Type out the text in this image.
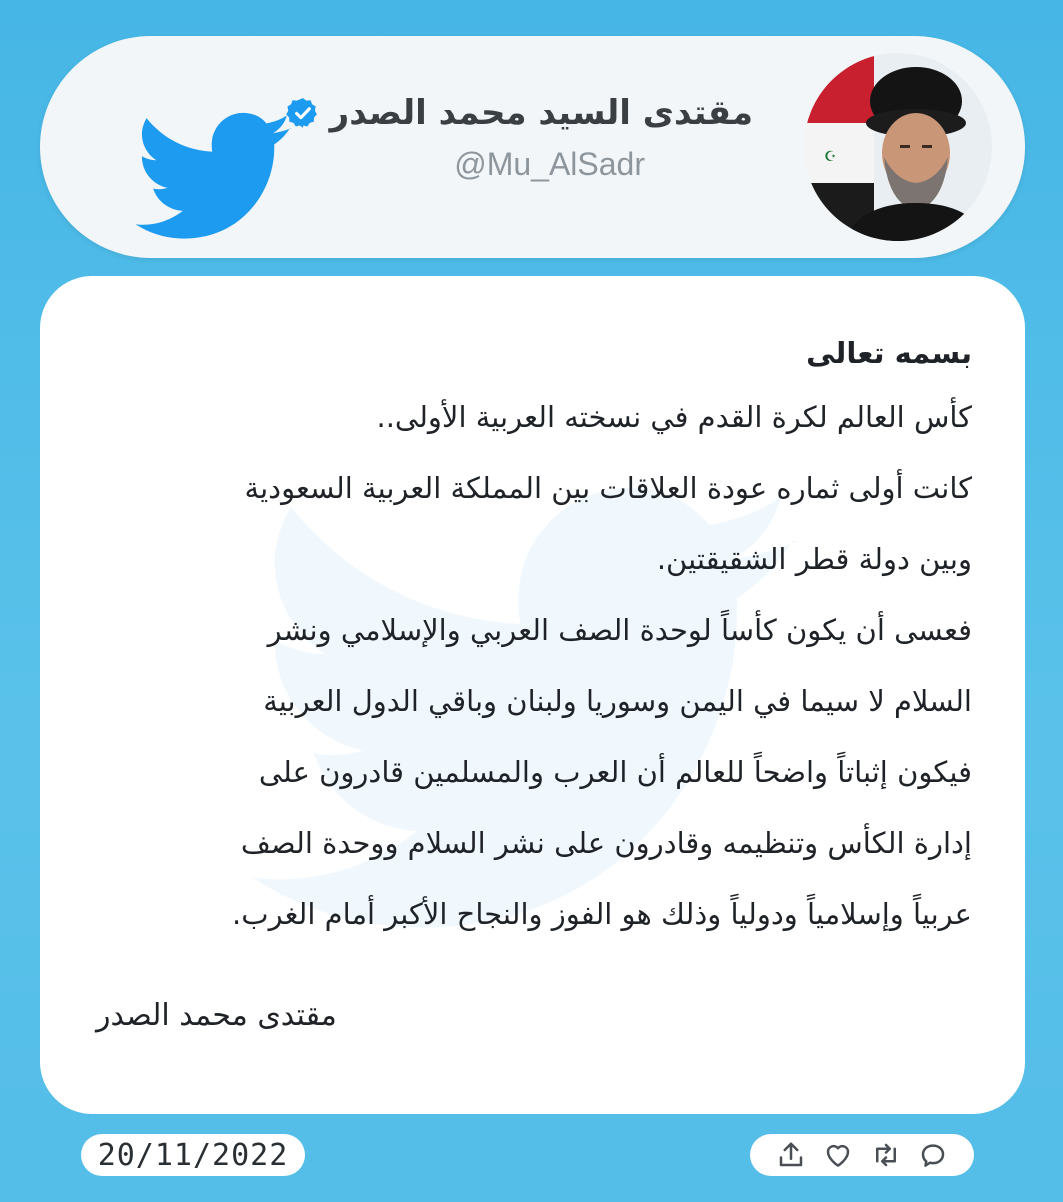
مقتدى السيد محمد الصدر
@Mu_AlSadr	☪
بسمه تعالى
كأس العالم لكرة القدم في نسخته العربية الأولى..
كانت أولى ثماره عودة العلاقات بين المملكة العربية السعودية
وبين دولة قطر الشقيقتين.
فعسى أن يكون كأساً لوحدة الصف العربي والإسلامي ونشر
السلام لا سيما في اليمن وسوريا ولبنان وباقي الدول العربية
فيكون إثباتاً واضحاً للعالم أن العرب والمسلمين قادرون على
إدارة الكأس وتنظيمه وقادرون على نشر السلام ووحدة الصف
عربياً وإسلامياً ودولياً وذلك هو الفوز والنجاح الأكبر أمام الغرب.
مقتدى محمد الصدر
20/11/2022
